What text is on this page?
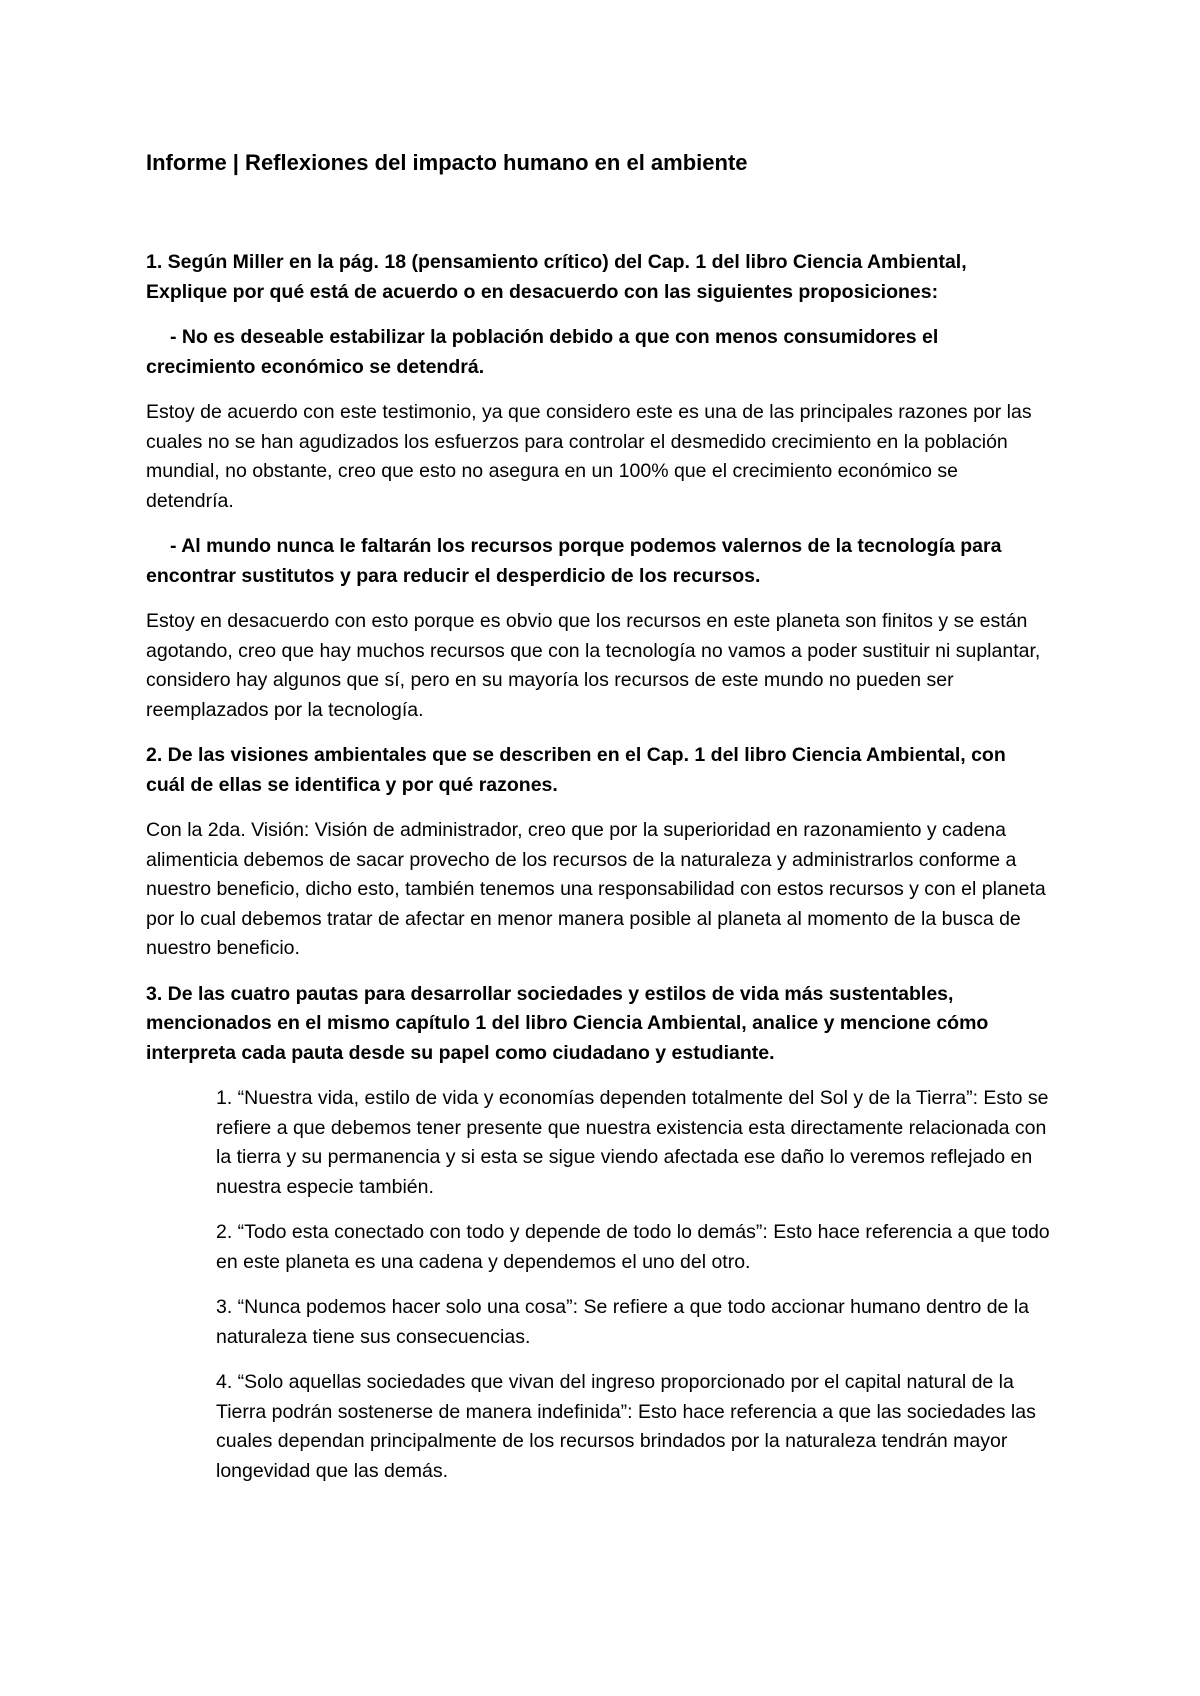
Informe | Reflexiones del impacto humano en el ambiente

1. Según Miller en la pág. 18 (pensamiento crítico) del Cap. 1 del libro Ciencia Ambiental, Explique por qué está de acuerdo o en desacuerdo con las siguientes proposiciones:

- No es deseable estabilizar la población debido a que con menos consumidores el crecimiento económico se detendrá.

Estoy de acuerdo con este testimonio, ya que considero este es una de las principales razones por las cuales no se han agudizados los esfuerzos para controlar el desmedido crecimiento en la población mundial, no obstante, creo que esto no asegura en un 100% que el crecimiento económico se detendría.

- Al mundo nunca le faltarán los recursos porque podemos valernos de la tecnología para encontrar sustitutos y para reducir el desperdicio de los recursos.

Estoy en desacuerdo con esto porque es obvio que los recursos en este planeta son finitos y se están agotando, creo que hay muchos recursos que con la tecnología no vamos a poder sustituir ni suplantar, considero hay algunos que sí, pero en su mayoría los recursos de este mundo no pueden ser reemplazados por la tecnología.

2. De las visiones ambientales que se describen en el Cap. 1 del libro Ciencia Ambiental, con cuál de ellas se identifica y por qué razones.

Con la 2da. Visión: Visión de administrador, creo que por la superioridad en razonamiento y cadena alimenticia debemos de sacar provecho de los recursos de la naturaleza y administrarlos conforme a nuestro beneficio, dicho esto, también tenemos una responsabilidad con estos recursos y con el planeta por lo cual debemos tratar de afectar en menor manera posible al planeta al momento de la busca de nuestro beneficio.

3. De las cuatro pautas para desarrollar sociedades y estilos de vida más sustentables, mencionados en el mismo capítulo 1 del libro Ciencia Ambiental, analice y mencione cómo interpreta cada pauta desde su papel como ciudadano y estudiante.

1. “Nuestra vida, estilo de vida y economías dependen totalmente del Sol y de la Tierra”: Esto se refiere a que debemos tener presente que nuestra existencia esta directamente relacionada con la tierra y su permanencia y si esta se sigue viendo afectada ese daño lo veremos reflejado en nuestra especie también.

2. “Todo esta conectado con todo y depende de todo lo demás”: Esto hace referencia a que todo en este planeta es una cadena y dependemos el uno del otro.

3. “Nunca podemos hacer solo una cosa”: Se refiere a que todo accionar humano dentro de la naturaleza tiene sus consecuencias.

4. “Solo aquellas sociedades que vivan del ingreso proporcionado por el capital natural de la Tierra podrán sostenerse de manera indefinida”: Esto hace referencia a que las sociedades las cuales dependan principalmente de los recursos brindados por la naturaleza tendrán mayor longevidad que las demás.
